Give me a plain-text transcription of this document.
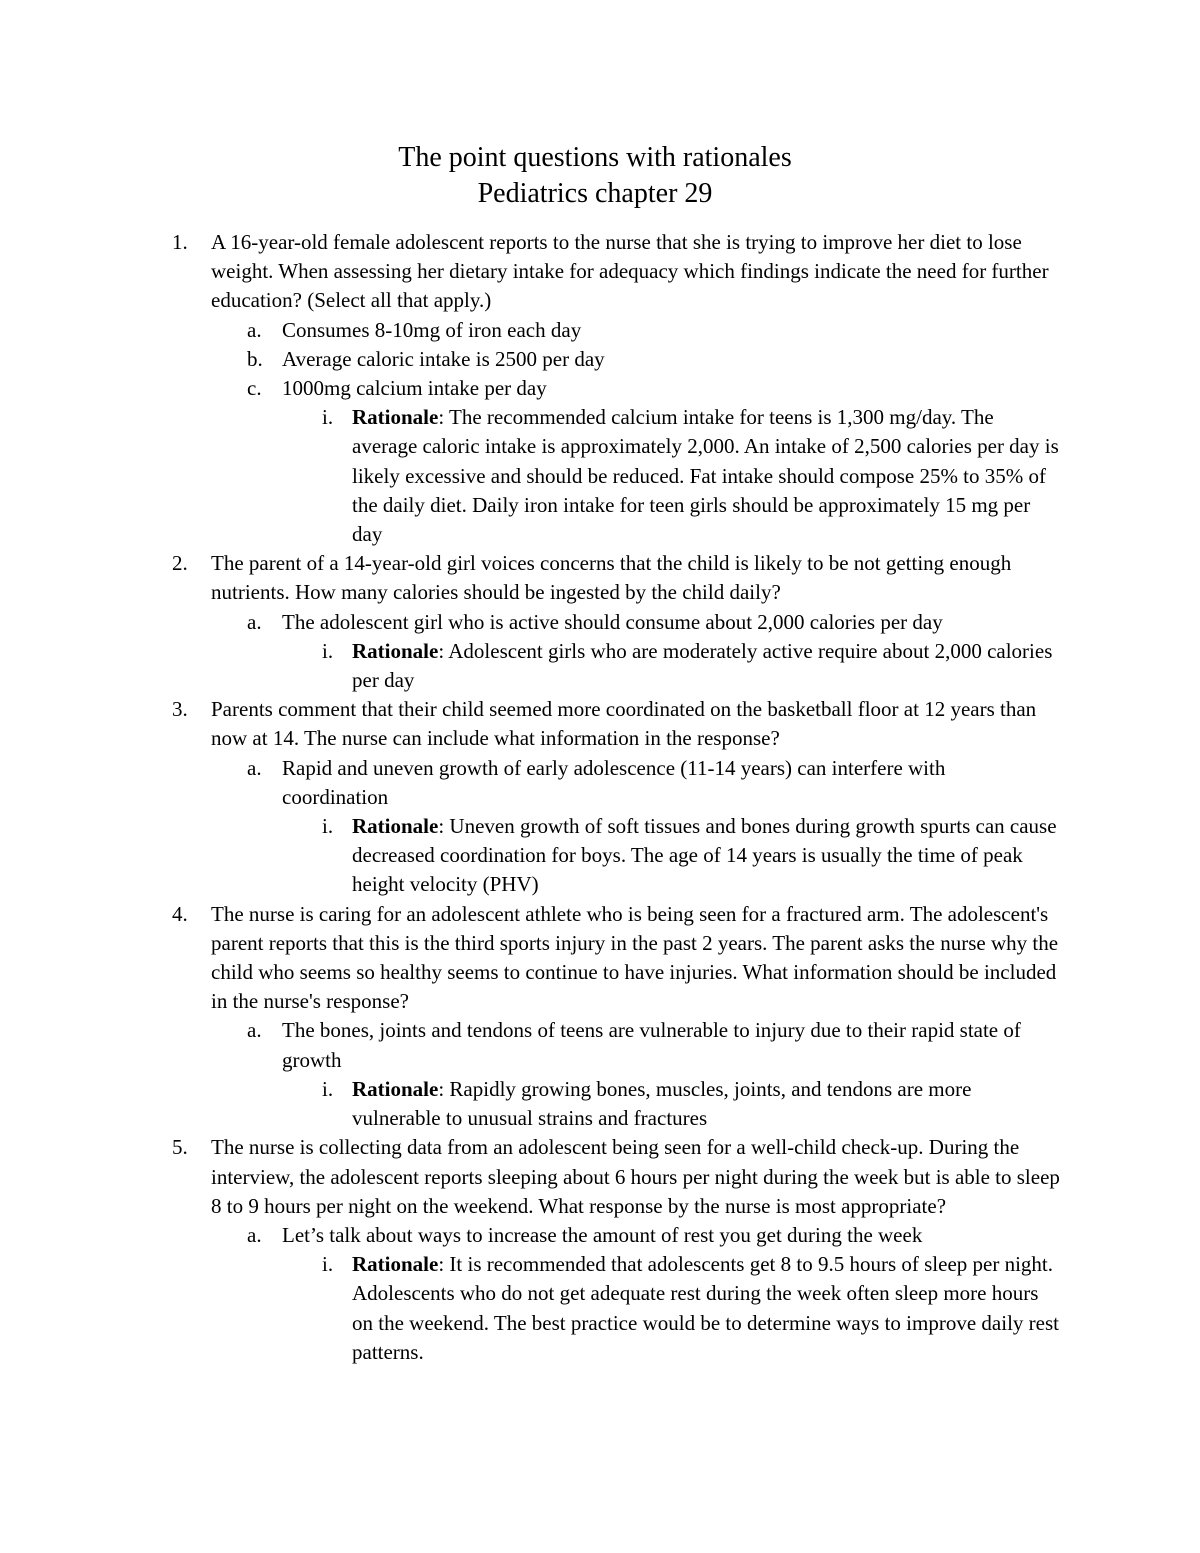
The point questions with rationales
Pediatrics chapter 29
1. A 16-year-old female adolescent reports to the nurse that she is trying to improve her diet to lose weight. When assessing her dietary intake for adequacy which findings indicate the need for further education? (Select all that apply.)
a. Consumes 8-10mg of iron each day
b. Average caloric intake is 2500 per day
c. 1000mg calcium intake per day
i. Rationale: The recommended calcium intake for teens is 1,300 mg/day. The average caloric intake is approximately 2,000. An intake of 2,500 calories per day is likely excessive and should be reduced. Fat intake should compose 25% to 35% of the daily diet. Daily iron intake for teen girls should be approximately 15 mg per day
2. The parent of a 14-year-old girl voices concerns that the child is likely to be not getting enough nutrients. How many calories should be ingested by the child daily?
a. The adolescent girl who is active should consume about 2,000 calories per day
i. Rationale: Adolescent girls who are moderately active require about 2,000 calories per day
3. Parents comment that their child seemed more coordinated on the basketball floor at 12 years than now at 14. The nurse can include what information in the response?
a. Rapid and uneven growth of early adolescence (11-14 years) can interfere with coordination
i. Rationale: Uneven growth of soft tissues and bones during growth spurts can cause decreased coordination for boys. The age of 14 years is usually the time of peak height velocity (PHV)
4. The nurse is caring for an adolescent athlete who is being seen for a fractured arm. The adolescent's parent reports that this is the third sports injury in the past 2 years. The parent asks the nurse why the child who seems so healthy seems to continue to have injuries. What information should be included in the nurse's response?
a. The bones, joints and tendons of teens are vulnerable to injury due to their rapid state of growth
i. Rationale: Rapidly growing bones, muscles, joints, and tendons are more vulnerable to unusual strains and fractures
5. The nurse is collecting data from an adolescent being seen for a well-child check-up. During the interview, the adolescent reports sleeping about 6 hours per night during the week but is able to sleep 8 to 9 hours per night on the weekend. What response by the nurse is most appropriate?
a. Let’s talk about ways to increase the amount of rest you get during the week
i. Rationale: It is recommended that adolescents get 8 to 9.5 hours of sleep per night. Adolescents who do not get adequate rest during the week often sleep more hours on the weekend. The best practice would be to determine ways to improve daily rest patterns.
